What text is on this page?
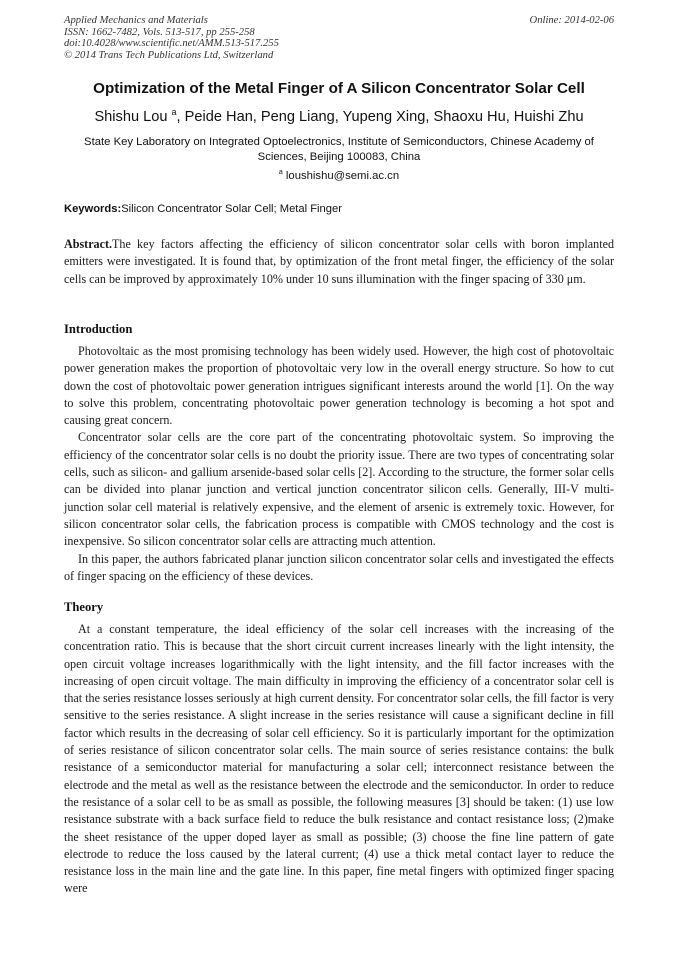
Applied Mechanics and Materials
ISSN: 1662-7482, Vols. 513-517, pp 255-258
doi:10.4028/www.scientific.net/AMM.513-517.255
© 2014 Trans Tech Publications Ltd, Switzerland
Online: 2014-02-06
Optimization of the Metal Finger of A Silicon Concentrator Solar Cell
Shishu Lou $^a$, Peide Han, Peng Liang, Yupeng Xing, Shaoxu Hu, Huishi Zhu
State Key Laboratory on Integrated Optoelectronics, Institute of Semiconductors, Chinese Academy of Sciences, Beijing 100083, China
$^a$ loushishu@semi.ac.cn
Keywords:Silicon Concentrator Solar Cell; Metal Finger
Abstract.The key factors affecting the efficiency of silicon concentrator solar cells with boron implanted emitters were investigated. It is found that, by optimization of the front metal finger, the efficiency of the solar cells can be improved by approximately 10% under 10 suns illumination with the finger spacing of 330 μm.
Introduction

Photovoltaic as the most promising technology has been widely used. However, the high cost of photovoltaic power generation makes the proportion of photovoltaic very low in the overall energy structure. So how to cut down the cost of photovoltaic power generation intrigues significant interests around the world [1]. On the way to solve this problem, concentrating photovoltaic power generation technology is becoming a hot spot and causing great concern.

Concentrator solar cells are the core part of the concentrating photovoltaic system. So improving the efficiency of the concentrator solar cells is no doubt the priority issue. There are two types of concentrating solar cells, such as silicon- and gallium arsenide-based solar cells [2]. According to the structure, the former solar cells can be divided into planar junction and vertical junction concentrator silicon cells. Generally, III-V multi-junction solar cell material is relatively expensive, and the element of arsenic is extremely toxic. However, for silicon concentrator solar cells, the fabrication process is compatible with CMOS technology and the cost is inexpensive. So silicon concentrator solar cells are attracting much attention.

In this paper, the authors fabricated planar junction silicon concentrator solar cells and investigated the effects of finger spacing on the efficiency of these devices.

Theory

At a constant temperature, the ideal efficiency of the solar cell increases with the increasing of the concentration ratio. This is because that the short circuit current increases linearly with the light intensity, the open circuit voltage increases logarithmically with the light intensity, and the fill factor increases with the increasing of open circuit voltage. The main difficulty in improving the efficiency of a concentrator solar cell is that the series resistance losses seriously at high current density. For concentrator solar cells, the fill factor is very sensitive to the series resistance. A slight increase in the series resistance will cause a significant decline in fill factor which results in the decreasing of solar cell efficiency. So it is particularly important for the optimization of series resistance of silicon concentrator solar cells. The main source of series resistance contains: the bulk resistance of a semiconductor material for manufacturing a solar cell; interconnect resistance between the electrode and the metal as well as the resistance between the electrode and the semiconductor. In order to reduce the resistance of a solar cell to be as small as possible, the following measures [3] should be taken: (1) use low resistance substrate with a back surface field to reduce the bulk resistance and contact resistance loss; (2)make the sheet resistance of the upper doped layer as small as possible; (3) choose the fine line pattern of gate electrode to reduce the loss caused by the lateral current; (4) use a thick metal contact layer to reduce the resistance loss in the main line and the gate line. In this paper, fine metal fingers with optimized finger spacing were
